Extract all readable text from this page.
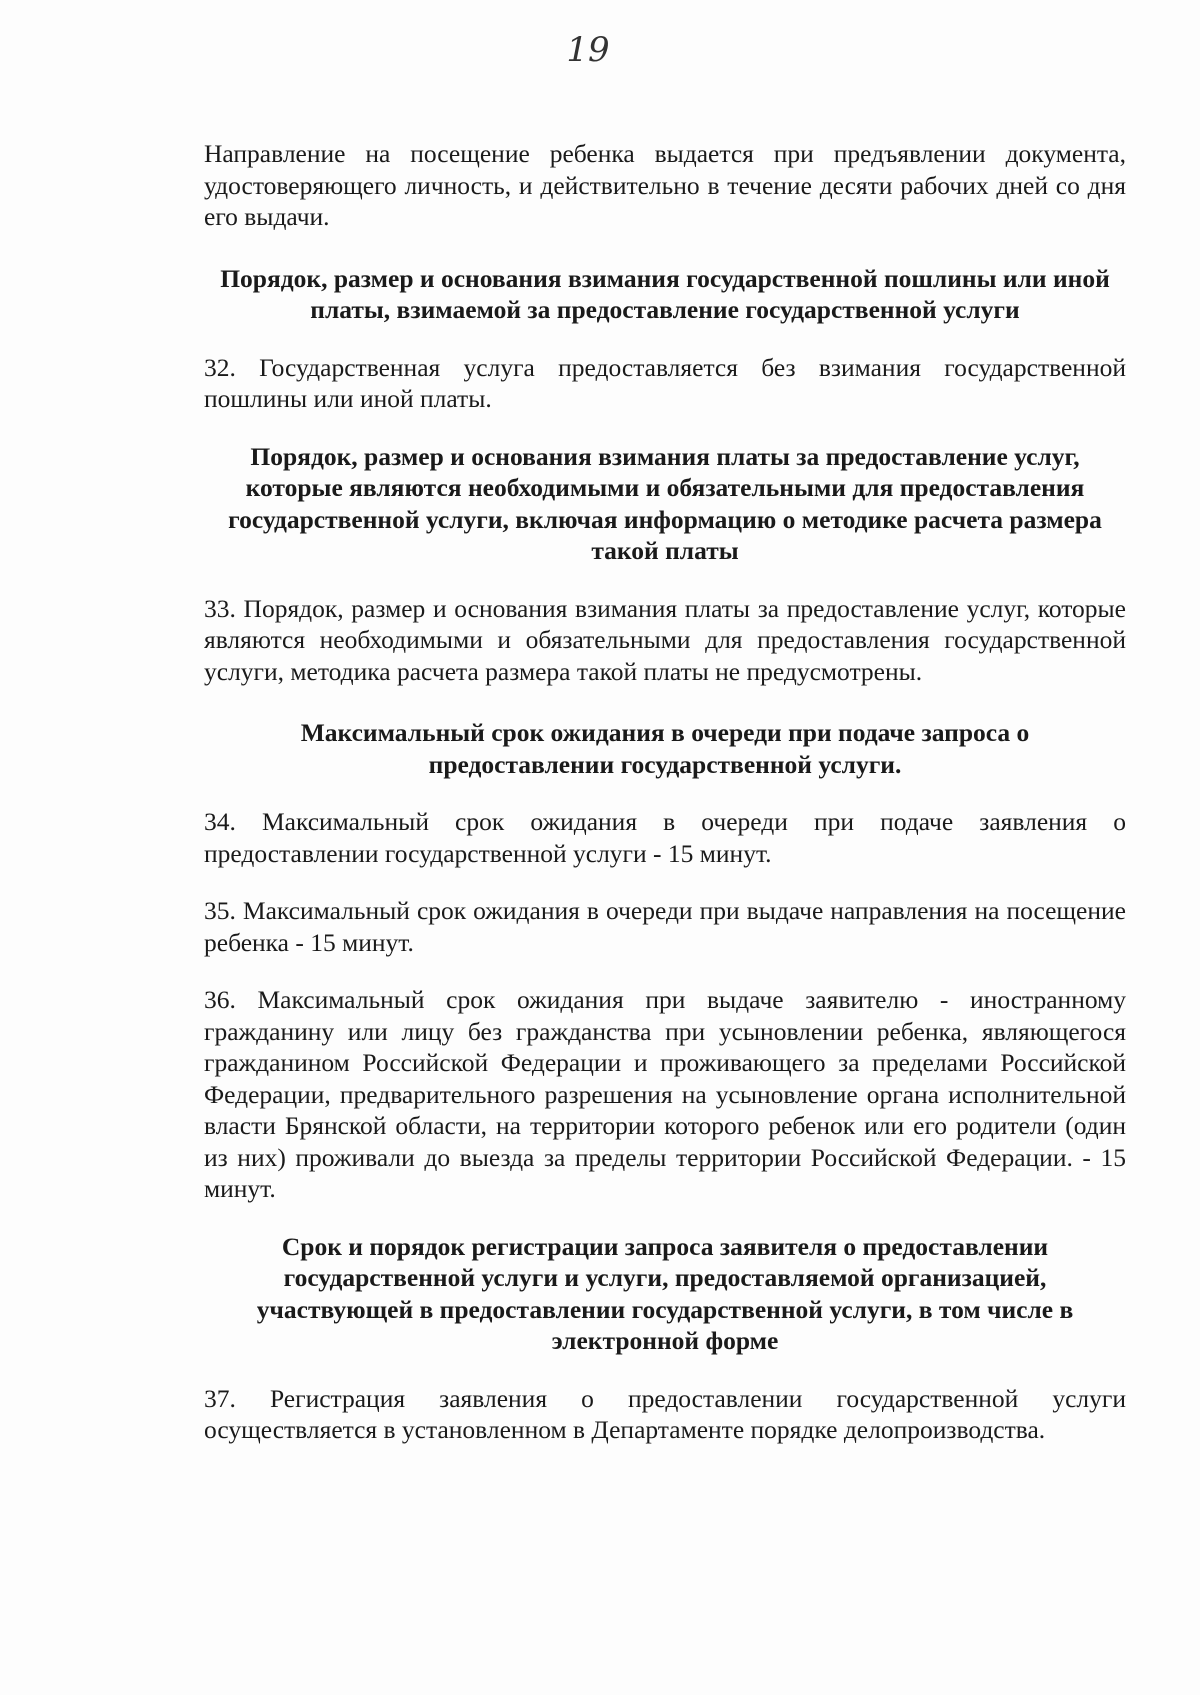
19

Направление на посещение ребенка выдается при предъявлении документа, удостоверяющего личность, и действительно в течение десяти рабочих дней со дня его выдачи.

Порядок, размер и основания взимания государственной пошлины или иной платы, взимаемой за предоставление государственной услуги

32. Государственная услуга предоставляется без взимания государственной пошлины или иной платы.

Порядок, размер и основания взимания платы за предоставление услуг, которые являются необходимыми и обязательными для предоставления государственной услуги, включая информацию о методике расчета размера такой платы

33. Порядок, размер и основания взимания платы за предоставление услуг, которые являются необходимыми и обязательными для предоставления государственной услуги, методика расчета размера такой платы не предусмотрены.

Максимальный срок ожидания в очереди при подаче запроса о предоставлении государственной услуги.

34. Максимальный срок ожидания в очереди при подаче заявления о предоставлении государственной услуги - 15 минут.

35. Максимальный срок ожидания в очереди при выдаче направления на посещение ребенка - 15 минут.

36. Максимальный срок ожидания при выдаче заявителю - иностранному гражданину или лицу без гражданства при усыновлении ребенка, являющегося гражданином Российской Федерации и проживающего за пределами Российской Федерации, предварительного разрешения на усыновление органа исполнительной власти Брянской области, на территории которого ребенок или его родители (один из них) проживали до выезда за пределы территории Российской Федерации. - 15 минут.

Срок и порядок регистрации запроса заявителя о предоставлении государственной услуги и услуги, предоставляемой организацией, участвующей в предоставлении государственной услуги, в том числе в электронной форме

37. Регистрация заявления о предоставлении государственной услуги осуществляется в установленном в Департаменте порядке делопроизводства.
